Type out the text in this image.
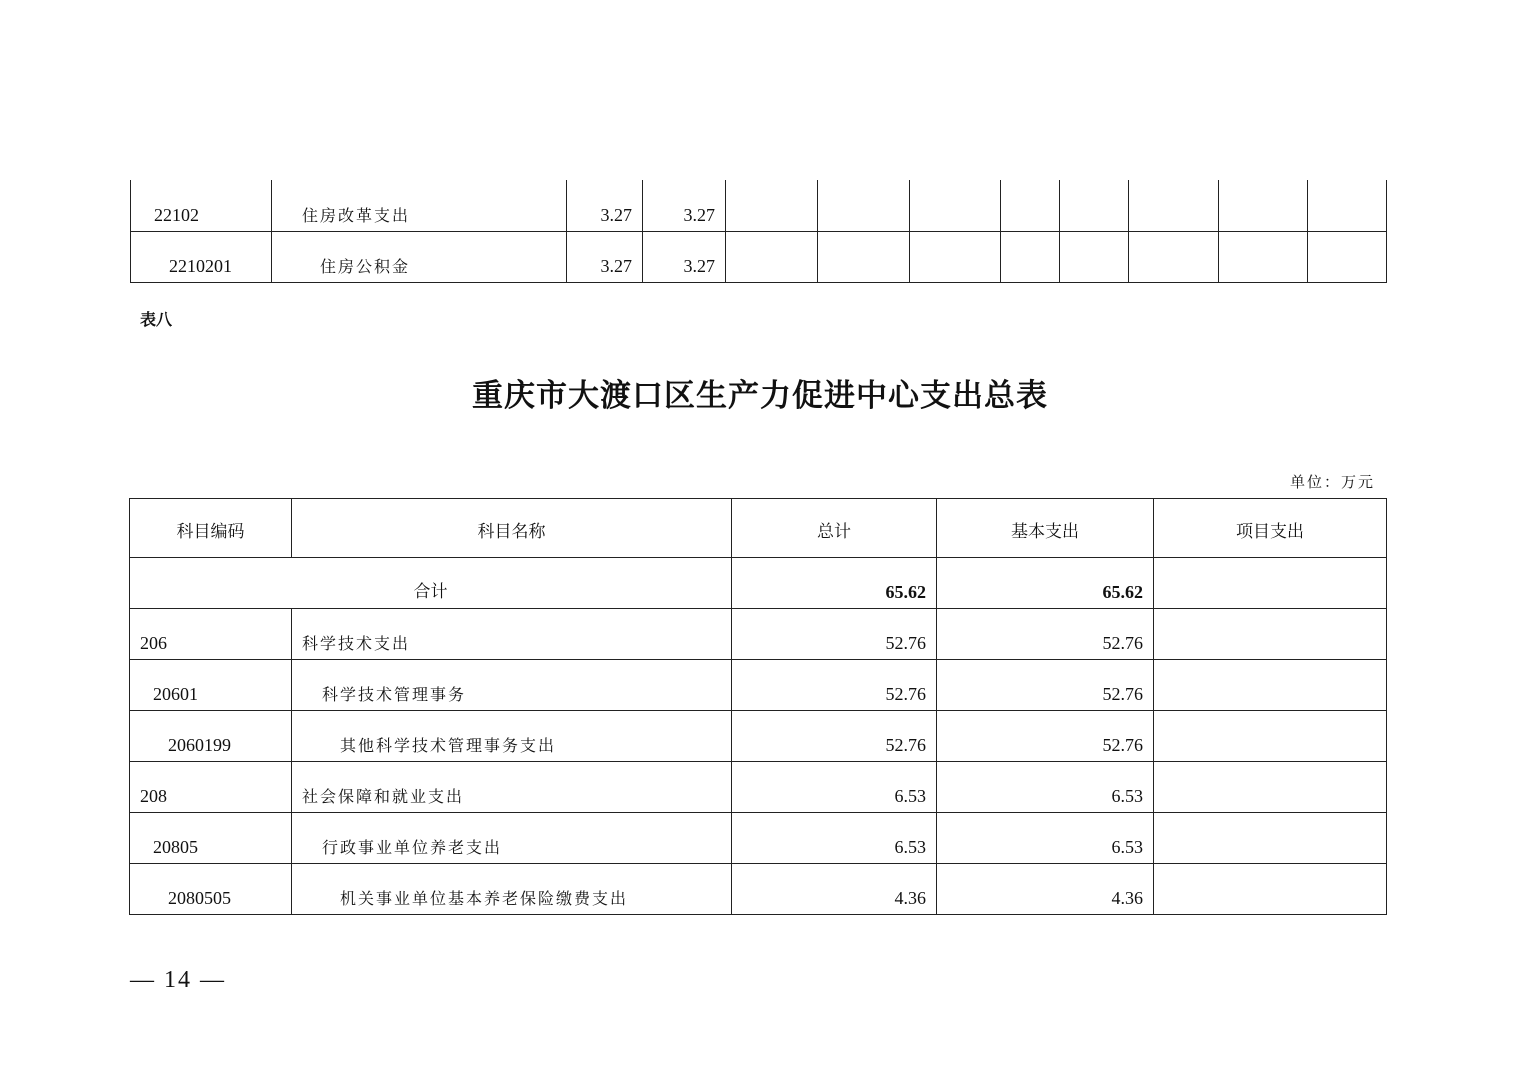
22102	住房改革支出	3.27	3.27								
2210201	住房公积金	3.27	3.27								
表八
重庆市大渡口区生产力促进中心支出总表
单位：万元
科目编码	科目名称	总计	基本支出	项目支出
合计		65.62	65.62	
206	科学技术支出	52.76	52.76	
20601	科学技术管理事务	52.76	52.76	
2060199	其他科学技术管理事务支出	52.76	52.76	
208	社会保障和就业支出	6.53	6.53	
20805	行政事业单位养老支出	6.53	6.53	
2080505	机关事业单位基本养老保险缴费支出	4.36	4.36	
— 14 —
